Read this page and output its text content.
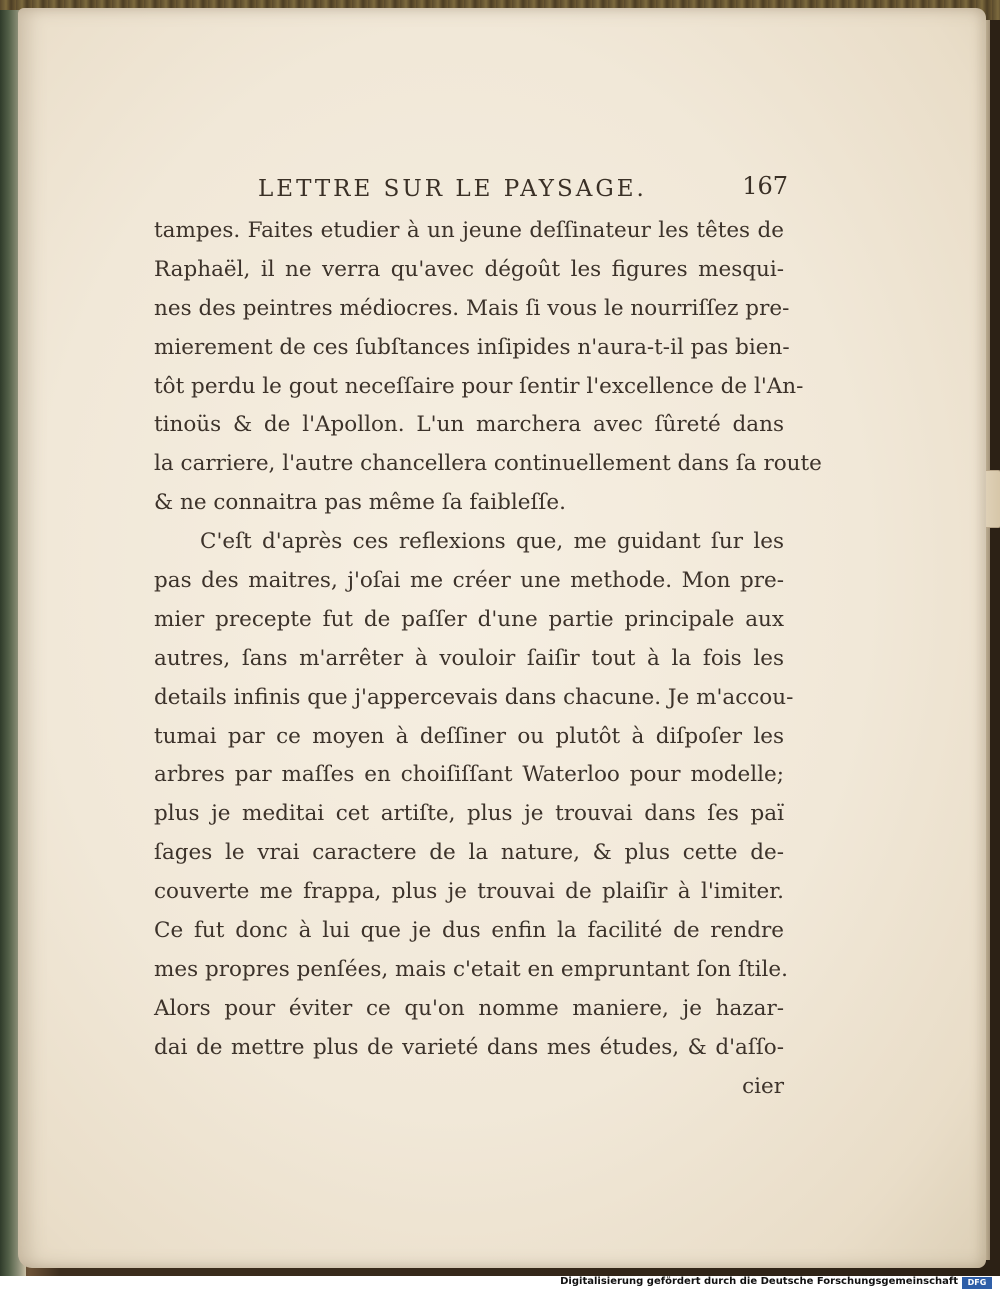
LETTRE SUR LE PAYSAGE.	167
tampes. Faites etudier à un jeune deſſinateur les têtes de
Raphaël, il ne verra qu'avec dégoût les figures mesqui-
nes des peintres médiocres. Mais ſi vous le nourriſſez pre-
mierement de ces ſubſtances inſipides n'aura-t-il pas bien-
tôt perdu le gout neceſſaire pour ſentir l'excellence de l'An-
tinoüs & de l'Apollon. L'un marchera avec ſûreté dans
la carriere, l'autre chancellera continuellement dans ſa route
& ne connaitra pas même ſa faibleſſe.
C'eſt d'après ces reflexions que, me guidant ſur les
pas des maitres, j'oſai me créer une methode. Mon pre-
mier precepte fut de paſſer d'une partie principale aux
autres, ſans m'arrêter à vouloir ſaiſir tout à la fois les
details infinis que j'appercevais dans chacune. Je m'accou-
tumai par ce moyen à deſſiner ou plutôt à diſpoſer les
arbres par maſſes en choiſiſſant Waterloo pour modelle;
plus je meditai cet artiſte, plus je trouvai dans ſes paï
ſages le vrai caractere de la nature, & plus cette de-
couverte me frappa, plus je trouvai de plaiſir à l'imiter.
Ce fut donc à lui que je dus enfin la facilité de rendre
mes propres penſées, mais c'etait en empruntant ſon ſtile.
Alors pour éviter ce qu'on nomme maniere, je hazar-
dai de mettre plus de varieté dans mes études, & d'aſſo-
cier
Digitalisierung gefördert durch die Deutsche Forschungsgemeinschaft	DFG
